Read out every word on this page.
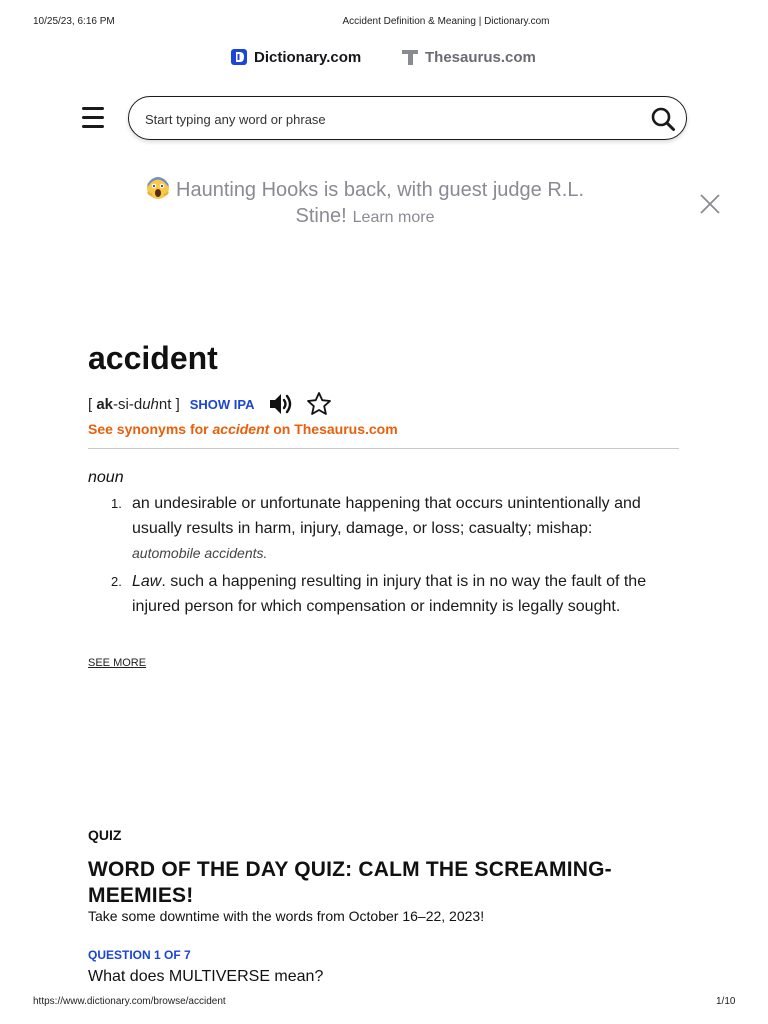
10/25/23, 6:16 PM	Accident Definition & Meaning | Dictionary.com
Dictionary.com	Thesaurus.com
Start typing any word or phrase
Haunting Hooks is back, with guest judge R.L. Stine! Learn more
accident
[ ak-si-duhnt ] SHOW IPA
See synonyms for accident on Thesaurus.com
noun
1. an undesirable or unfortunate happening that occurs unintentionally and usually results in harm, injury, damage, or loss; casualty; mishap:
automobile accidents.
2. Law. such a happening resulting in injury that is in no way the fault of the injured person for which compensation or indemnity is legally sought.
SEE MORE
QUIZ
WORD OF THE DAY QUIZ: CALM THE SCREAMING-MEEMIES!
Take some downtime with the words from October 16–22, 2023!
QUESTION 1 OF 7
What does MULTIVERSE mean?
https://www.dictionary.com/browse/accident	1/10
